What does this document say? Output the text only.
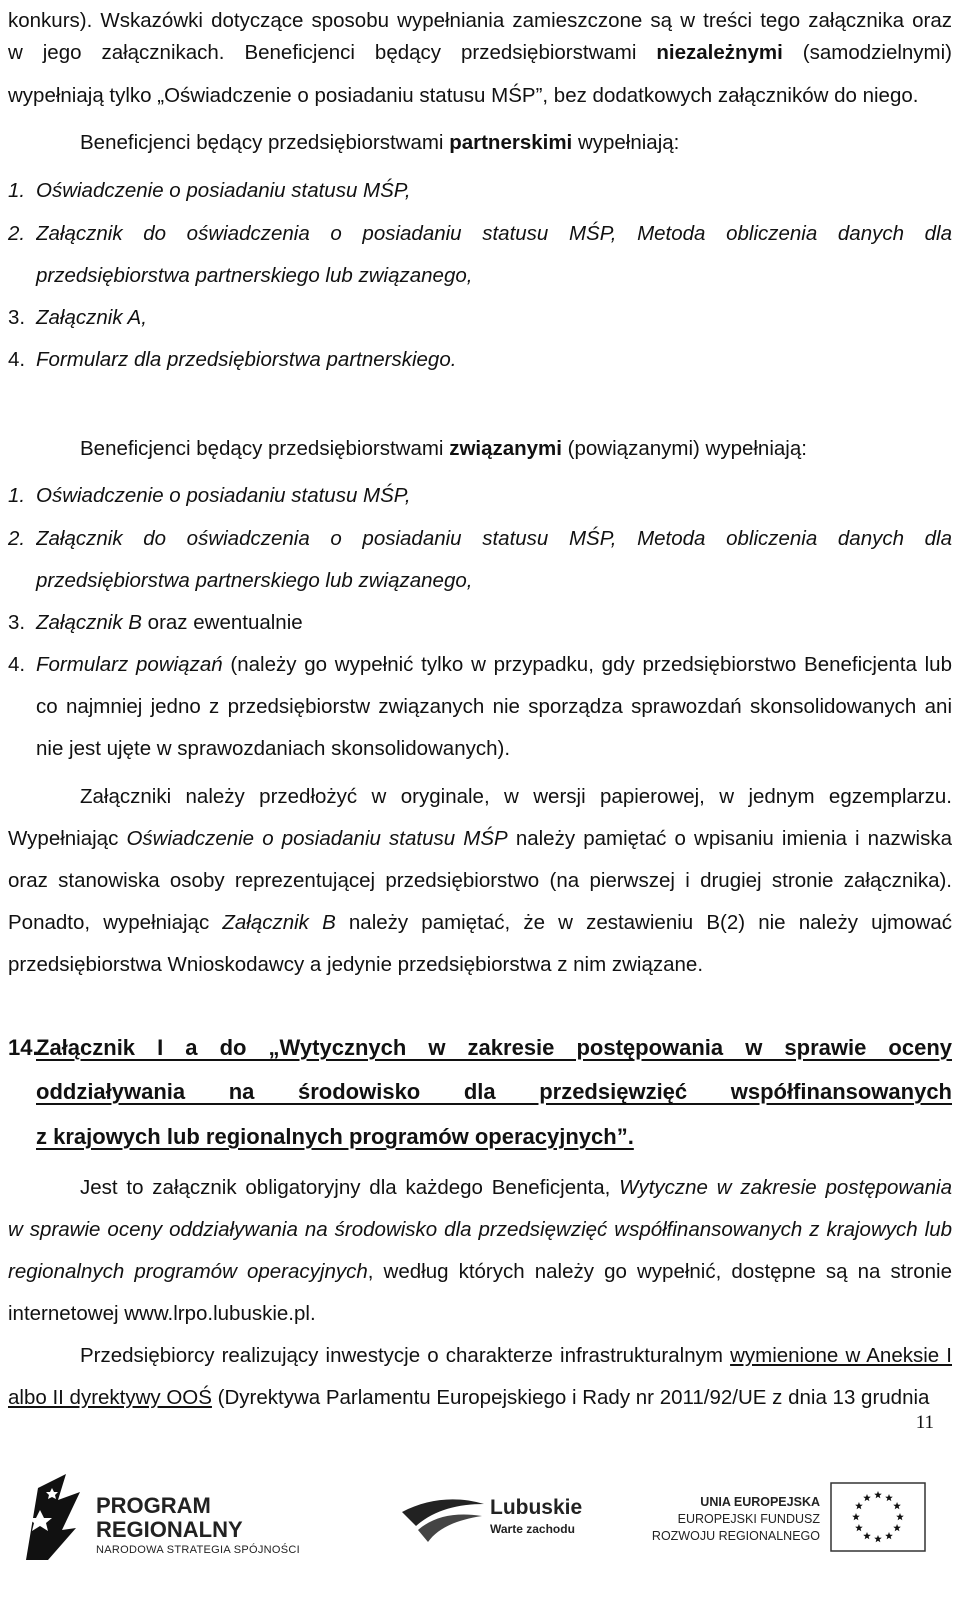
konkurs). Wskazówki dotyczące sposobu wypełniania zamieszczone są w treści tego załącznika oraz
w jego załącznikach. Beneficjenci będący przedsiębiorstwami niezależnymi (samodzielnymi)
wypełniają tylko „Oświadczenie o posiadaniu statusu MŚP”, bez dodatkowych załączników do niego.
Beneficjenci będący przedsiębiorstwami partnerskimi wypełniają:
1. Oświadczenie o posiadaniu statusu MŚP,
2. Załącznik do oświadczenia o posiadaniu statusu MŚP, Metoda obliczenia danych dla
przedsiębiorstwa partnerskiego lub związanego,
3. Załącznik A,
4. Formularz dla przedsiębiorstwa partnerskiego.
Beneficjenci będący przedsiębiorstwami związanymi (powiązanymi) wypełniają:
1. Oświadczenie o posiadaniu statusu MŚP,
2. Załącznik do oświadczenia o posiadaniu statusu MŚP, Metoda obliczenia danych dla
przedsiębiorstwa partnerskiego lub związanego,
3. Załącznik B oraz ewentualnie
4. Formularz powiązań (należy go wypełnić tylko w przypadku, gdy przedsiębiorstwo Beneficjenta lub
co najmniej jedno z przedsiębiorstw związanych nie sporządza sprawozdań skonsolidowanych ani
nie jest ujęte w sprawozdaniach skonsolidowanych).
Załączniki należy przedłożyć w oryginale, w wersji papierowej, w jednym egzemplarzu.
Wypełniając Oświadczenie o posiadaniu statusu MŚP należy pamiętać o wpisaniu imienia i nazwiska
oraz stanowiska osoby reprezentującej przedsiębiorstwo (na pierwszej i drugiej stronie załącznika).
Ponadto, wypełniając Załącznik B należy pamiętać, że w zestawieniu B(2) nie należy ujmować
przedsiębiorstwa Wnioskodawcy a jedynie przedsiębiorstwa z nim związane.
14.
Załącznik I a do „Wytycznych w zakresie postępowania w sprawie oceny
oddziaływania na środowisko dla przedsięwzięć współfinansowanych
z krajowych lub regionalnych programów operacyjnych”.
Jest to załącznik obligatoryjny dla każdego Beneficjenta, Wytyczne w zakresie postępowania
w sprawie oceny oddziaływania na środowisko dla przedsięwzięć współfinansowanych z krajowych lub
regionalnych programów operacyjnych, według których należy go wypełnić, dostępne są na stronie
internetowej www.lrpo.lubuskie.pl.
Przedsiębiorcy realizujący inwestycje o charakterze infrastrukturalnym wymienione w Aneksie I
albo II dyrektywy OOŚ (Dyrektywa Parlamentu Europejskiego i Rady nr 2011/92/UE z dnia 13 grudnia
11
PROGRAM
REGIONALNY
NARODOWA STRATEGIA SPÓJNOŚCI
Lubuskie
Warte zachodu
UNIA EUROPEJSKA
EUROPEJSKI FUNDUSZ
ROZWOJU REGIONALNEGO
